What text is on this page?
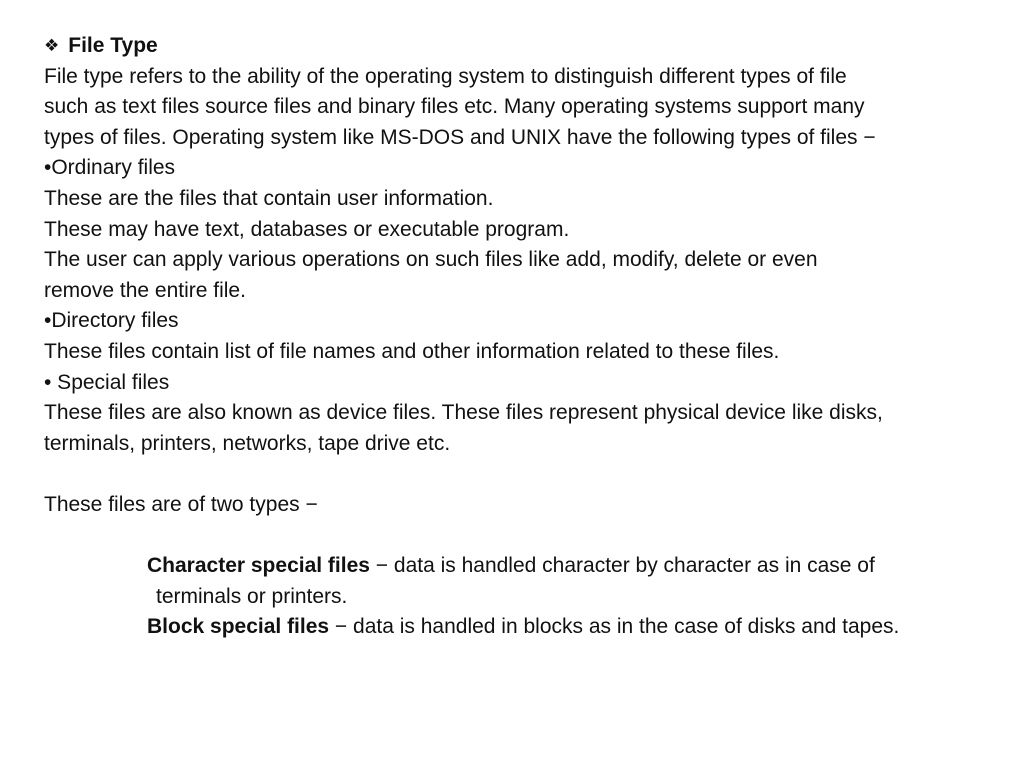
❖ File Type
File type refers to the ability of the operating system to distinguish different types of file
such as text files source files and binary files etc. Many operating systems support many
types of files. Operating system like MS-DOS and UNIX have the following types of files −
•Ordinary files
These are the files that contain user information.
These may have text, databases or executable program.
The user can apply various operations on such files like add, modify, delete or even
remove the entire file.
•Directory files
These files contain list of file names and other information related to these files.
• Special files
These files are also known as device files. These files represent physical device like disks,
terminals, printers, networks, tape drive etc.
These files are of two types −
Character special files − data is handled character by character as in case of
terminals or printers.
Block special files − data is handled in blocks as in the case of disks and tapes.
